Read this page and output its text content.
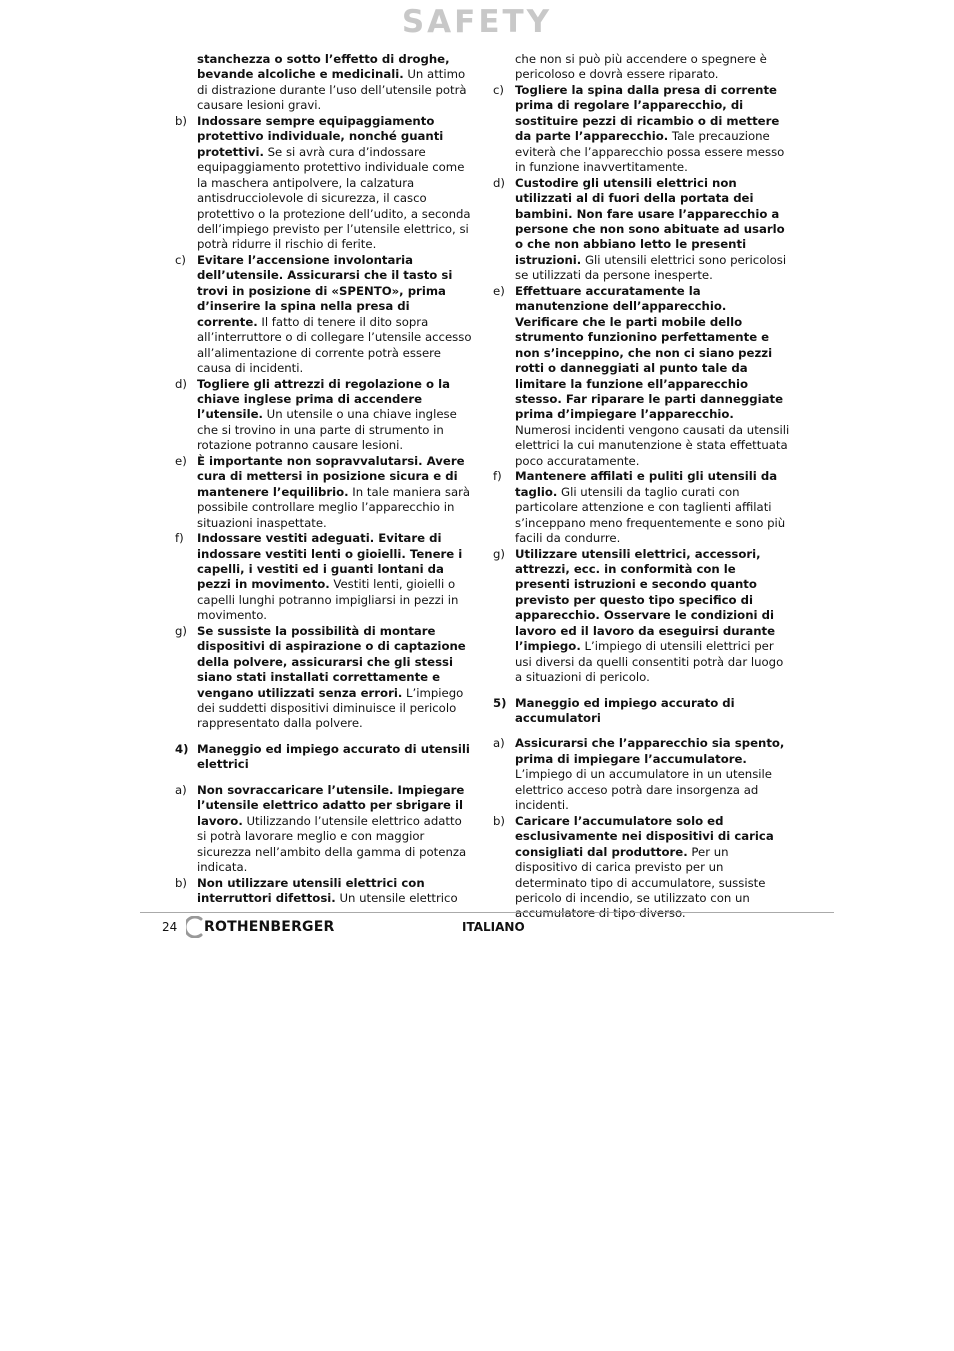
SAFETY
stanchezza o sotto l’effetto di droghe, bevande alcoliche e medicinali. Un attimo di distrazione durante l’uso dell’utensile potrà causare lesioni gravi.
b) Indossare sempre equipaggiamento protettivo individuale, nonché guanti protettivi. Se si avrà cura d’indossare equipaggiamento protettivo individuale come la maschera antipolvere, la calzatura antisdrucciolevole di sicurezza, il casco protettivo o la protezione dell’udito, a seconda dell’impiego previsto per l’utensile elettrico, si potrà ridurre il rischio di ferite.
c) Evitare l’accensione involontaria dell’utensile. Assicurarsi che il tasto si trovi in posizione di «SPENTO», prima d’inserire la spina nella presa di corrente. Il fatto di tenere il dito sopra all’interruttore o di collegare l’utensile accesso all’alimentazione di corrente potrà essere causa di incidenti.
d) Togliere gli attrezzi di regolazione o la chiave inglese prima di accendere l’utensile. Un utensile o una chiave inglese che si trovino in una parte di strumento in rotazione potranno causare lesioni.
e) È importante non sopravvalutarsi. Avere cura di mettersi in posizione sicura e di mantenere l’equilibrio. In tale maniera sarà possibile controllare meglio l’apparecchio in situazioni inaspettate.
f)	Indossare vestiti adeguati. Evitare di indossare vestiti lenti o gioielli. Tenere i capelli, i vestiti ed i guanti lontani da pezzi in movimento. Vestiti lenti, gioielli o capelli lunghi potranno impigliarsi in pezzi in movimento.
g) Se sussiste la possibilità di montare dispositivi di aspirazione o di captazione della polvere, assicurarsi che gli stessi siano stati installati correttamente e vengano utilizzati senza errori. L’impiego dei suddetti dispositivi diminuisce il pericolo rappresentato dalla polvere.
4) Maneggio ed impiego accurato di utensili elettrici
a) Non sovraccaricare l’utensile. Impiegare l’utensile elettrico adatto per sbrigare il lavoro. Utilizzando l’utensile elettrico adatto si potrà lavorare meglio e con maggior sicurezza nell’ambito della gamma di potenza indicata.
b) Non utilizzare utensili elettrici con interruttori difettosi. Un utensile elettrico
che non si può più accendere o spegnere è pericoloso e dovrà essere riparato.
c) Togliere la spina dalla presa di corrente prima di regolare l’apparecchio, di sostituire pezzi di ricambio o di mettere da parte l’apparecchio. Tale precauzione eviterà che l’apparecchio possa essere messo in funzione inavvertitamente.
d) Custodire gli utensili elettrici non utilizzati al di fuori della portata dei bambini. Non fare usare l’apparecchio a persone che non sono abituate ad usarlo o che non abbiano letto le presenti istruzioni. Gli utensili elettrici sono pericolosi se utilizzati da persone inesperte.
e) Effettuare accuratamente la manutenzione dell’apparecchio. Verificare che le parti mobile dello strumento funzionino perfettamente e non s’inceppino, che non ci siano pezzi rotti o danneggiati al punto tale da limitare la funzione ell’apparecchio stesso. Far riparare le parti danneggiate prima d’impiegare l’apparecchio. Numerosi incidenti vengono causati da utensili elettrici la cui manutenzione è stata effettuata poco accuratamente.
f)	Mantenere affilati e puliti gli utensili da taglio. Gli utensili da taglio curati con particolare attenzione e con taglienti affilati s’inceppano meno frequentemente e sono più facili da condurre.
g) Utilizzare utensili elettrici, accessori, attrezzi, ecc. in conformità con le presenti istruzioni e secondo quanto previsto per questo tipo specifico di apparecchio. Osservare le condizioni di lavoro ed il lavoro da eseguirsi durante l’impiego. L’impiego di utensili elettrici per usi diversi da quelli consentiti potrà dar luogo a situazioni di pericolo.
5) Maneggio ed impiego accurato di accumulatori
a) Assicurarsi che l’apparecchio sia spento, prima di impiegare l’accumulatore. L’impiego di un accumulatore in un utensile elettrico acceso potrà dare insorgenza ad incidenti.
b) Caricare l’accumulatore solo ed esclusivamente nei dispositivi di carica consigliati dal produttore. Per un dispositivo di carica previsto per un determinato tipo di accumulatore, sussiste pericolo di incendio, se utilizzato con un accumulatore di tipo diverso.
24 ROTHENBERGER	ITALIANO
